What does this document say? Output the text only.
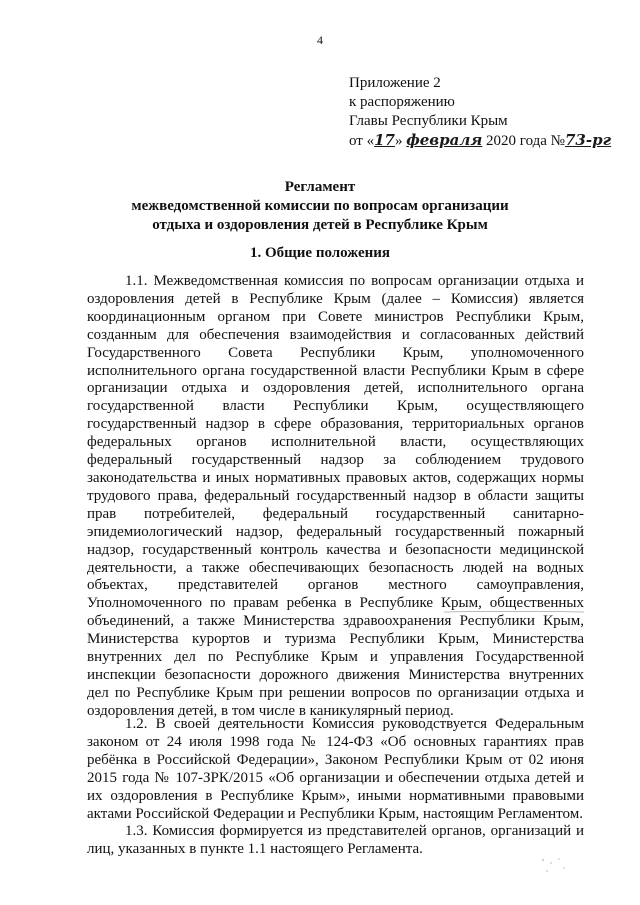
4
Приложение 2
к распоряжению
Главы Республики Крым
от «17» февраля 2020 года №73-рг
Регламент
межведомственной комиссии по вопросам организации
отдыха и оздоровления детей в Республике Крым
1. Общие положения

1.1. Межведомственная комиссия по вопросам организации отдыха и оздоровления детей в Республике Крым (далее – Комиссия) является координационным органом при Совете министров Республики Крым, созданным для обеспечения взаимодействия и согласованных действий Государственного Совета Республики Крым, уполномоченного исполнительного органа государственной власти Республики Крым в сфере организации отдыха и оздоровления детей, исполнительного органа государственной власти Республики Крым, осуществляющего государственный надзор в сфере образования, территориальных органов федеральных органов исполнительной власти, осуществляющих федеральный государственный надзор за соблюдением трудового законодательства и иных нормативных правовых актов, содержащих нормы трудового права, федеральный государственный надзор в области защиты прав потребителей, федеральный государственный санитарно-эпидемиологический надзор, федеральный государственный пожарный надзор, государственный контроль качества и безопасности медицинской деятельности, а также обеспечивающих безопасность людей на водных объектах, представителей органов местного самоуправления, Уполномоченного по правам ребенка в Республике Крым, общественных объединений, а также Министерства здравоохранения Республики Крым, Министерства курортов и туризма Республики Крым, Министерства внутренних дел по Республике Крым и управления Государственной инспекции безопасности дорожного движения Министерства внутренних дел по Республике Крым при решении вопросов по организации отдыха и оздоровления детей, в том числе в каникулярный период.

1.2. В своей деятельности Комиссия руководствуется Федеральным законом от 24 июля 1998 года № 124-ФЗ «Об основных гарантиях прав ребёнка в Российской Федерации», Законом Республики Крым от 02 июня 2015 года № 107-ЗРК/2015 «Об организации и обеспечении отдыха детей и их оздоровления в Республике Крым», иными нормативными правовыми актами Российской Федерации и Республики Крым, настоящим Регламентом.

1.3. Комиссия формируется из представителей органов, организаций и лиц, указанных в пункте 1.1 настоящего Регламента.
